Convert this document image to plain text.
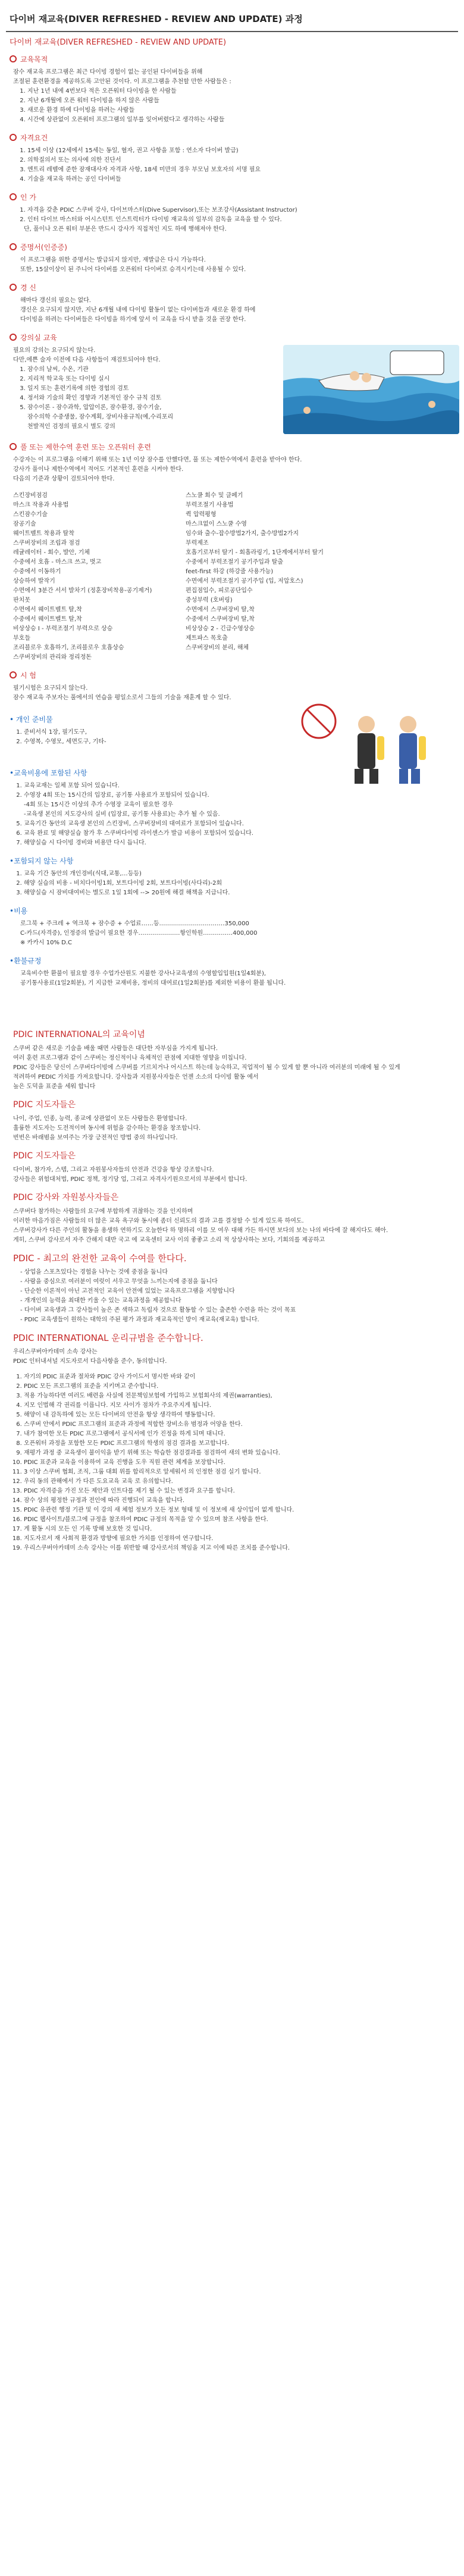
다이버 재교육(DIVER REFRESHED - REVIEW AND UPDATE) 과정
다이버 재교육(DIVER REFRESHED - REVIEW AND UPDATE)
교육목적

잠수 재교육 프로그램은 최근 다이빙 경험이 없는 공인된 다이버들을 위해

조절된 훈련환경을 제공하도록 고안된 것이다. 이 프로그램을 추천할 만한 사람들은 :

1. 지난 1년 내에 4번보다 적은 오픈워터 다이빙을 한 사람들
2. 지난 6개월에 오픈 워터 다이빙을 하지 않은 사람들
3. 새로운 환경 하에 다이빙을 하려는 사람들
4. 시간에 상관없이 오픈워터 프로그램의 일부를 잊어버렸다고 생각하는 사람들
자격요건
1. 15세 이상 (12세에서 15세는 동일, 혈자, 권고 사항을 포함 : 연소자 다이버 발급)
2. 의학질의서 또는 의사에 의한 진단서
3. 엔트리 레벨에 준한 잠재대사자 자격과 사항, 18세 미만의 경우 부모님 보호자의 서명 필요
4. 기술을 재교육 하려는 공인 다이버들
인 가
1. 자격을 갖춘 PDIC 스쿠버 강사, 다이브마스터(Dive Supervisor),또는 보조강사(Assistant Instructor)
2. 인터 다이브 마스터와 어시스턴트 인스트럭터가 다이빙 재교육의 일부의 감독을 교육을 할 수 있다.

단, 풀이나 오픈 워터 부분은 반드시 강사가 직접적인 지도 하에 행해져야 한다.

증명서(인증증)

이 프로그램을 위한 증명서는 발급되지 않지만, 재발급은 다시 가능하다.

또한, 15살이상이 된 주니어 다이버를 오픈워터 다이버로 승격시키는데 사용될 수 있다.

경 신

해마다 갱신의 필요는 없다.

갱신은 요구되지 않지만, 지난 6개월 내에 다이빙 활동이 없는 다이버들과 새로운 환경 하에

다이빙을 하려는 다이버들은 다이빙을 하기에 앞서 이 교육을 다시 받을 것을 권장 한다.

강의실 교육

필요의 강의는 요구되지 않는다.

다만,에쁜 술자 이전에 다음 사항들이 재검토되어야 한다.

1. 잠수의 날씨, 수온, 기관
2. 지리적 학교육 또는 다이빙 실시
3. 일지 또는 훈련기록에 의한 경험의 검토
4. 정서와 기술의 확인 경향과 기본적인 잠수 규칙 검토
5. 잠수이론 - 잠수과학, 압압이론, 잠수환경, 잠수기술,
잠수의학 수중생물, 잠수계획, 장비사용규칙(예,수리포리
천발적인 검정의 필요시 별도 강의
풀 또는 제한수역 훈련 또는 오픈워터 훈련

수강자는 이 프로그램을 이해기 위해 또는 1년 이상 잠수를 안했다면, 풀 또는 제한수역에서 훈련을 받아야 한다.

강사가 풀이나 제한수역에서 적어도 기본적인 훈련을 시켜야 한다.

다음의 기준과 상황이 검토되어야 한다.

스킨장비점검
마스크 작용과 사용법
스킨잠수기술
잠공기술
웨이트벨트 착용과 탈착
스쿠버장비의 조립과 점검
레귤레이터 - 회수, 발안, 기체
수중에서 호흡 - 마스크 쓰고, 벗고
수중에서 이동하기
상승하여 발작기
수면에서 3분간 서서 발차기 (정훈장비착용-공기제거)
판치못
수면에서 웨이트벨트 탈,착
수중에서 웨이트벨트 탈,착
비상상승 I - 부력조절기 부력으로 상승
부호들
조리블로우 호흡하기, 조리블로우 호흡상승
스쿠버장비의 관리와 정리정돈
스노쿨 회수 및 클페기
부력조절기 사용법
퀵 압력평형
마스크없이 스노쿨 수영
임수와 출수-잡수방법2가지, 출수방법2가지
부력제조
호흡기로부터 탈기 - 회흡라링기, 1단계에서부터 탈기
수중에서 부력조절기 공기주입과 탈출
feet-first 하강 (하강줄 사용가능)
수면에서 부력조절기 공기주입 (입, 저압호스)
편집점입수, 피로공단입수
중성부력 (호버링)
수면에서 스쿠버장비 탈,착
수중에서 스쿠버장비 탈,착
비상상승 2 - 긴급수영상승
제트파스 목호출
스쿠버장비의 분리, 해체
시 험

필기시험은 요구되지 않는다.

잠수 재교육 주보자는 풀에서의 연습을 평일소로서 그들의 기술을 재훈계 할 수 있다.

• 개인 준비물
1. 준비서식 1장, 필기도구,
2. 수영복, 수영모, 세면도구, 기타-
•교육비용에 포함된 사항
1. 교육교재는 일체 포함 되어 있습니다.
2. 수영장 4회 또는 15시간의 입장료, 공기통 사용료가 포함되어 있습니다.
-4회 또는 15시간 이상의 추가 수영장 교육이 필요한 경우
-교육생 본인의 지도강사의 실비 (입장료, 공기통 사용료)는 추가 될 수 있음.
5. 교육기간 동안의 교육생 본인의 스킨장비, 스쿠버장비의 대여료가 포함되어 있습니다.
6. 교육 완료 및 해양실습 참가 후 스쿠버다이빙 라이센스가 발급 비용이 포함되어 있습니다.
7. 해양실습 시 다이빙 경비와 비용만 다시 듭니다.
•포함되지 않는 사항
1. 교육 기간 동안의 개인경비(식대,교통,…등등)
2. 해양 실습의 비용 - 비치다이빙1회, 보트다이빙 2회, 보트다이빙(사다리)-2회
3. 해양실습 시 잠비대여비는 별도로 1일 1회에 --> 20원에 해결 해책을 지급니다.
•비용

로그북 + 주크레 + 역크북 + 잠수증 + 수업료……등……………………………350,000

C-카드(자격증), 인정증의 발급이 필요한 경우…………………항인학원……………400,000

※ 카카시 10% D.C

•환불규정

교육비수한 환불이 필요할 경우 수업가산원도 지불한 강사나교육생의 수영할입입원(1일4회분),

공기통사용료(1일2회분), 기 지급한 교재비용, 정비의 대여료(1일2회분)를 제외한 비용이 환불 됩니다.

PDIC INTERNATIONAL의 교육이념

스쿠버 같은 새로운 기술을 배울 때면 사람들은 대단한 자부심을 가지게 됩니다.

여러 훈련 프로그램과 같이 스쿠버는 정신적이나 육체적인 관점에 지대한 영향을 미칩니다.

PDIC 강사들은 당신이 스쿠버다이빙에 스쿠버를 기르치거나 어시스트 하는데 능숙하고, 직업적이 될 수 있게 할 뿐 아니라 여러분의 미래에 될 수 있게

적려하여 PEDIC 가치를 가져요합니다. 강사들과 지원봉사자들은 언젠 소소의 다이빙 활동 에서

높은 도덕을 표준을 세워 합니다

PDIC 지도자들은

나이, 주업, 인종, 능력, 종교에 상관없이 모든 사람들은 환영합니다.

훌륭한 지도자는 도전적이며 동시에 위험을 감수하는 환경을 창조합니다.

번번은 바래범을 보여주는 가장 긍전적인 방법 중의 하나입니다.

PDIC 지도자들은

다이버, 참가자, 스텝, 그리고 자원봉사자들의 안전과 건강을 항상 강조합니다.

강사들은 위험대처법, PDIC 정책, 정기당 업, 그리고 자격사기원으로서의 부분에서 합니다.

PDIC 강사와 자원봉사자들은

스쿠버다 참가하는 사람들의 요구에 부합하게 귀찮하는 것을 인지하며

이러한 마음가짐은 사람들의 더 많은 교육 욕구와 동시에 좀더 신뢰도의 결과 고를 결정할 수 있게 있도록 하여도.

스쿠버강사가 다른 주인의 활동을 용생하 연하기도 오늘한다 하 명하리 이를 모 여우 대해 가든 하시면 보다의 보는 나의 바다에 잘 해지다도 해아.

게히, 스쿠버 강사로서 자주 간해지 대반 국고 에 교육센터 교사 이의 좋좋고 소리 적 상상사하는 보다, 기회의를 제공하고

PDIC - 최고의 완전한 교육이 수여를 한다다.

- 상업을 스포츠있다는 경험을 나누는 것에 중점을 둡니다

- 사람을 중심으로 여러분이 여럿이 서우고 무엇을 느끼는지에 중점을 둡니다

- 단순한 이론적이 아닌 고전적인 교육이 안전에 있었는 교육프로그램을 지향합니다

- 개개인의 능력을 최대한 키울 수 있는 교육과정을 제공합니다

- 다이버 교육생과 그 강사들이 높은 존 색하고 독립자 것으로 활동할 수 있는 출존한 수련을 하는 것이 목표

- PDIC 교육생들이 원하는 대학의 주된 평가 과정과 재교육적인 방이 재교육(재교육) 합니다.

PDIC INTERNATIONAL 운리규범을 준수합니다.

우리스쿠버아카데미 소속 강사는

PDIC 인터내셔널 지도자로서 다음사항을 준수, 동의합니다.

1. 자기의 PDIC 표준과 절차와 PDIC 강사 가이드서 명시한 바와 같이
2. PDIC 모든 프로그램의 표준을 지키며고 준수합니다.
3. 적용 가능하다면 여러도 배련을 사실에 전문책임보험에 가입하고 보험회사의 제권(warranties),
4. 지모 인법해 각 권리를 이릅니다. 지모 사이가 점차가 주요주지게 됩니다.
5. 해양이 내 감독하에 있는 모든 다이버의 안전을 항상 생각하여 행동합니다.
6. 스쿠버 안에서 PDIC 프로그램의 표준과 과정에 적합한 장비소유 범정과 어양을 한다.
7. 내가 참여한 모든 PDIC 프로그램에서 공식서에 인가 진정을 하게 되며 대니다.
8. 오픈워터 과정을 포함한 모든 PDIC 프로그램의 학생의 점검 결과를 보고합니다.
9. 재평가 과정 중 교육생이 불이익을 받기 위해 또는 학습한 점검결과를 점검하여 새의 변화 있습니다.
10. PDIC 표준과 교육을 이용하여 교육 진행을 도우 직원 관련 체계을 보장합니다.
11. 3 이상 스쿠버 협회, 조직, 그룹 대회 위를 합리적으로 앞세워서 의 인정한 점검 실기 합니다.
12. 우리 동의 관해에서 가 다른 도요교육 교육 로 유의합니다.
13. PDIC 자격증을 가진 모든 제안과 인트다를 제기 될 수 있는 변경과 요구를 합니다.
14. 잠수 상의 평정한 규정과 전인에 따라 진행되이 교육을 합니다.
15. PDIC 유관련 행정 기관 및 이 강의 새 체험 정보가 모든 정보 형태 및 이 정보에 새 상이입이 없게 합니다.
16. PDIC 웹사이트/블로그에 규정을 참조하여 PDIC 규정의 목적을 알 수 있으며 참조 사항을 한다.
17. 게 활동 시의 모든 인 기록 방해 보호한 것 입니다.
18. 지도자로서 재 사회적 환경과 방향에 필요한 가치를 인정하여 연구합니다.
19. 우리스쿠버아카데미 소속 강사는 이를 위반할 때 강사로서의 책임을 지고 이에 따른 조치를 준수합니다.
